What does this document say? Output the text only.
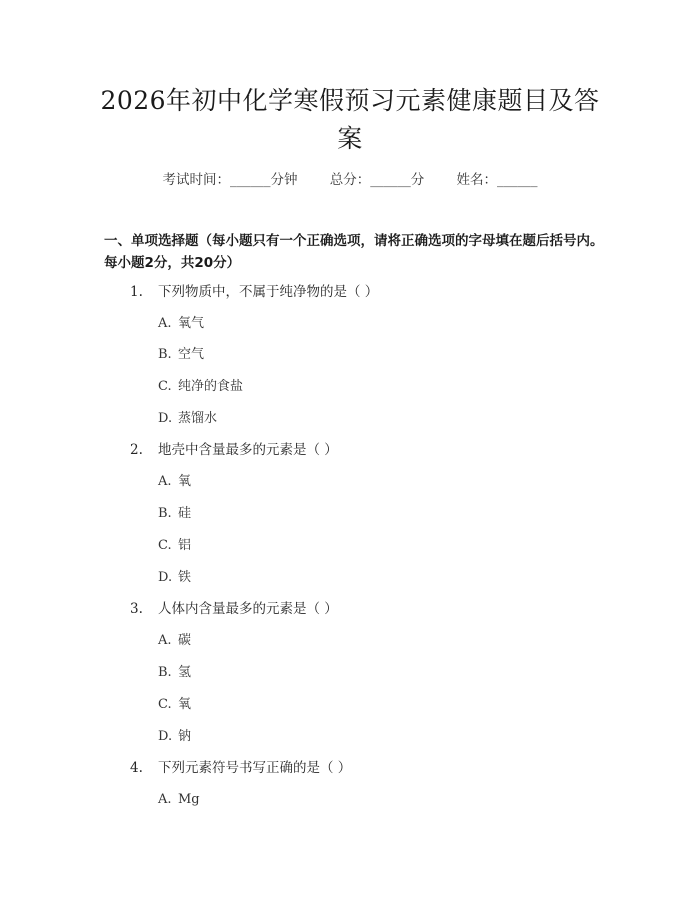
2026年初中化学寒假预习元素健康题目及答案
考试时间：______分钟 总分：______分 姓名：______
一、单项选择题（每小题只有一个正确选项，请将正确选项的字母填在题后括号内。每小题2分，共20分）
1. 下列物质中，不属于纯净物的是（ ）
A. 氧气
B. 空气
C. 纯净的食盐
D. 蒸馏水
2. 地壳中含量最多的元素是（ ）
A. 氧
B. 硅
C. 铝
D. 铁
3. 人体内含量最多的元素是（ ）
A. 碳
B. 氢
C. 氧
D. 钠
4. 下列元素符号书写正确的是（ ）
A. Mg
